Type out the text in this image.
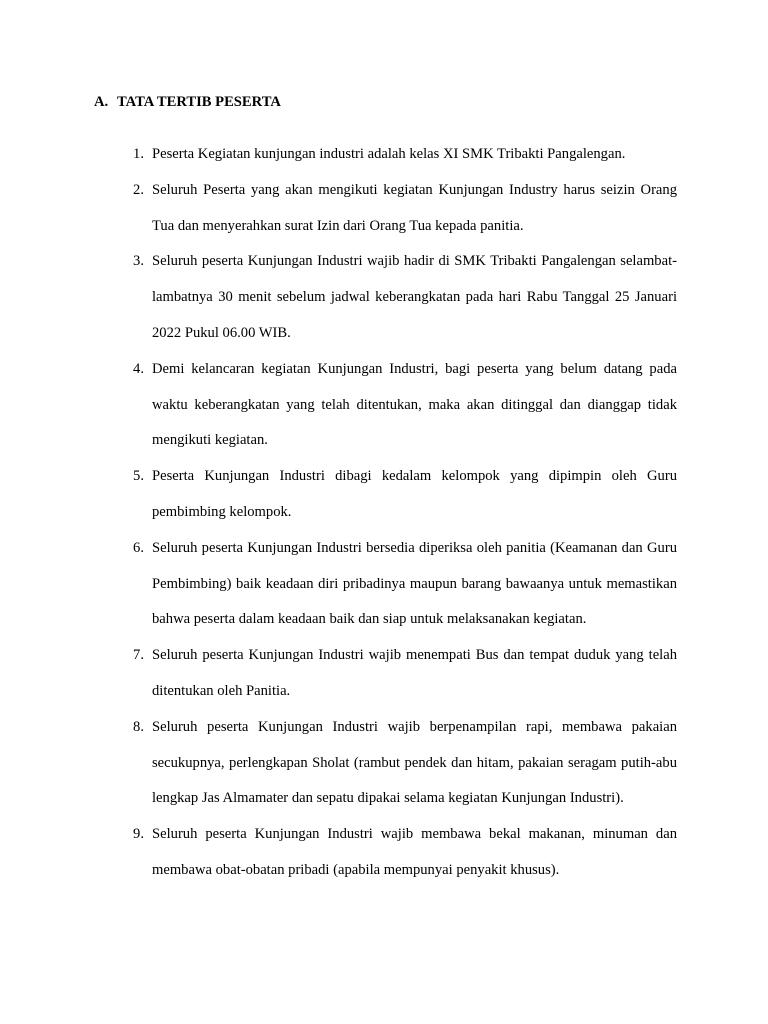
A. TATA TERTIB PESERTA
1. Peserta Kegiatan kunjungan industri adalah kelas XI SMK Tribakti Pangalengan.
2. Seluruh Peserta yang akan mengikuti kegiatan Kunjungan Industry harus seizin Orang Tua dan menyerahkan surat Izin dari Orang Tua kepada panitia.
3. Seluruh peserta Kunjungan Industri wajib hadir di SMK Tribakti Pangalengan selambat-lambatnya 30 menit sebelum jadwal keberangkatan pada hari Rabu Tanggal 25 Januari 2022 Pukul 06.00 WIB.
4. Demi kelancaran kegiatan Kunjungan Industri, bagi peserta yang belum datang pada waktu keberangkatan yang telah ditentukan, maka akan ditinggal dan dianggap tidak mengikuti kegiatan.
5. Peserta Kunjungan Industri dibagi kedalam kelompok yang dipimpin oleh Guru pembimbing kelompok.
6. Seluruh peserta Kunjungan Industri bersedia diperiksa oleh panitia (Keamanan dan Guru Pembimbing) baik keadaan diri pribadinya maupun barang bawaanya untuk memastikan bahwa peserta dalam keadaan baik dan siap untuk melaksanakan kegiatan.
7. Seluruh peserta Kunjungan Industri wajib menempati Bus dan tempat duduk yang telah ditentukan oleh Panitia.
8. Seluruh peserta Kunjungan Industri wajib berpenampilan rapi, membawa pakaian secukupnya, perlengkapan Sholat (rambut pendek dan hitam, pakaian seragam putih-abu lengkap Jas Almamater dan sepatu dipakai selama kegiatan Kunjungan Industri).
9. Seluruh peserta Kunjungan Industri wajib membawa bekal makanan, minuman dan membawa obat-obatan pribadi (apabila mempunyai penyakit khusus).
